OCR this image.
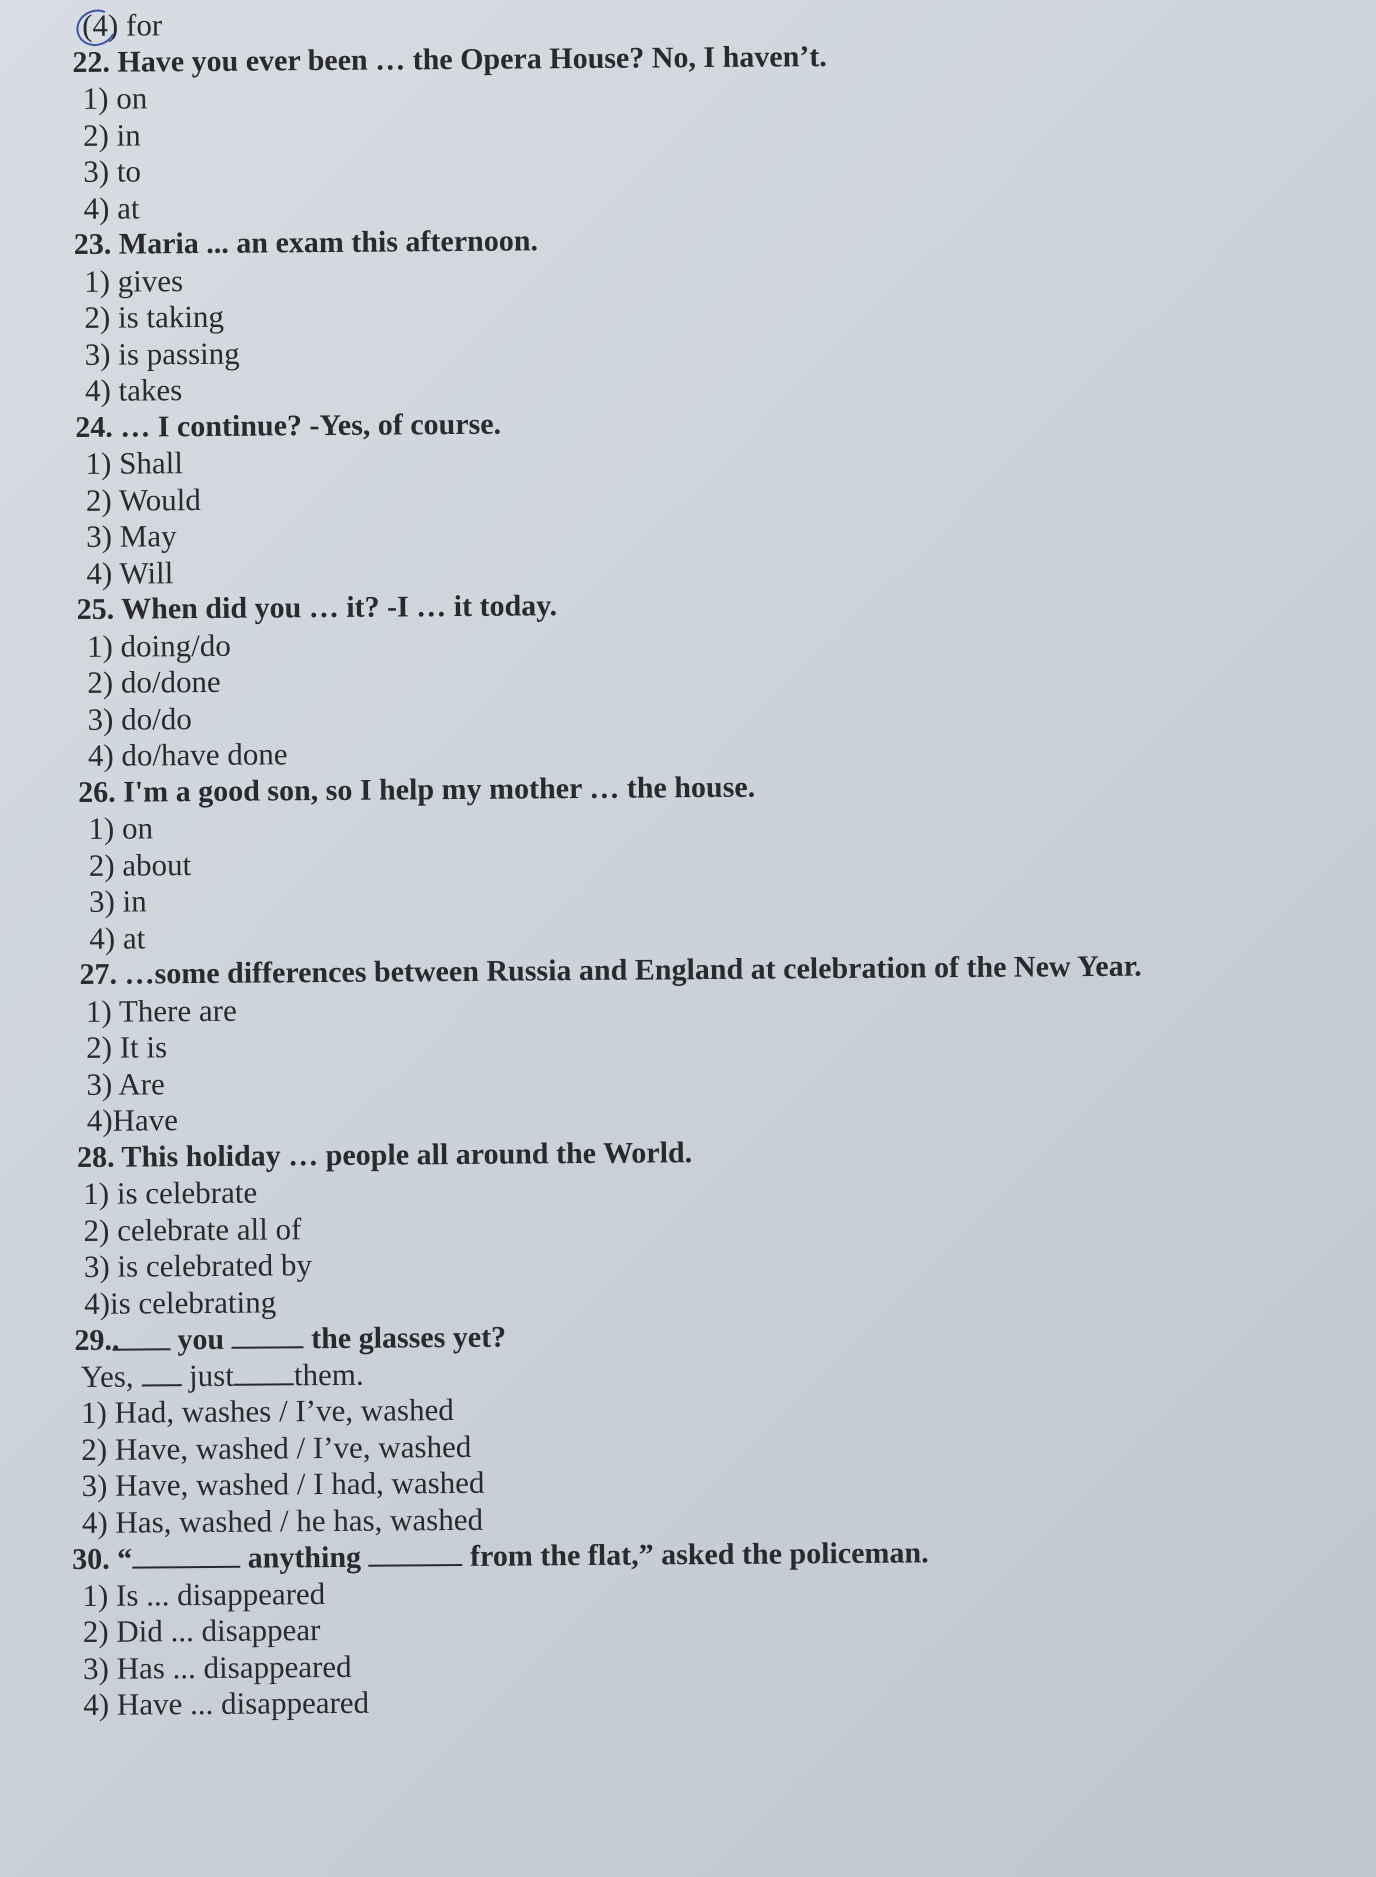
(4) for
22. Have you ever been … the Opera House? No, I haven’t.
1) on
2) in
3) to
4) at
23. Maria ... an exam this afternoon.
1) gives
2) is taking
3) is passing
4) takes
24. … I continue? -Yes, of course.
1) Shall
2) Would
3) May
4) Will
25. When did you … it? -I … it today.
1) doing/do
2) do/done
3) do/do
4) do/have done
26. I'm a good son, so I help my mother … the house.
1) on
2) about
3) in
4) at
27. …some differences between Russia and England at celebration of the New Year.
1) There are
2) It is
3) Are
4)Have
28. This holiday … people all around the World.
1) is celebrate
2) celebrate all of
3) is celebrated by
4)is celebrating
29.. you	the glasses yet?
Yes, just them.
1) Had, washes / I’ve, washed
2) Have, washed / I’ve, washed
3) Have, washed / I had, washed
4) Has, washed / he has, washed
30. “	anything	from the flat,” asked the policeman.
1) Is ... disappeared
2) Did ... disappear
3) Has ... disappeared
4) Have ... disappeared
